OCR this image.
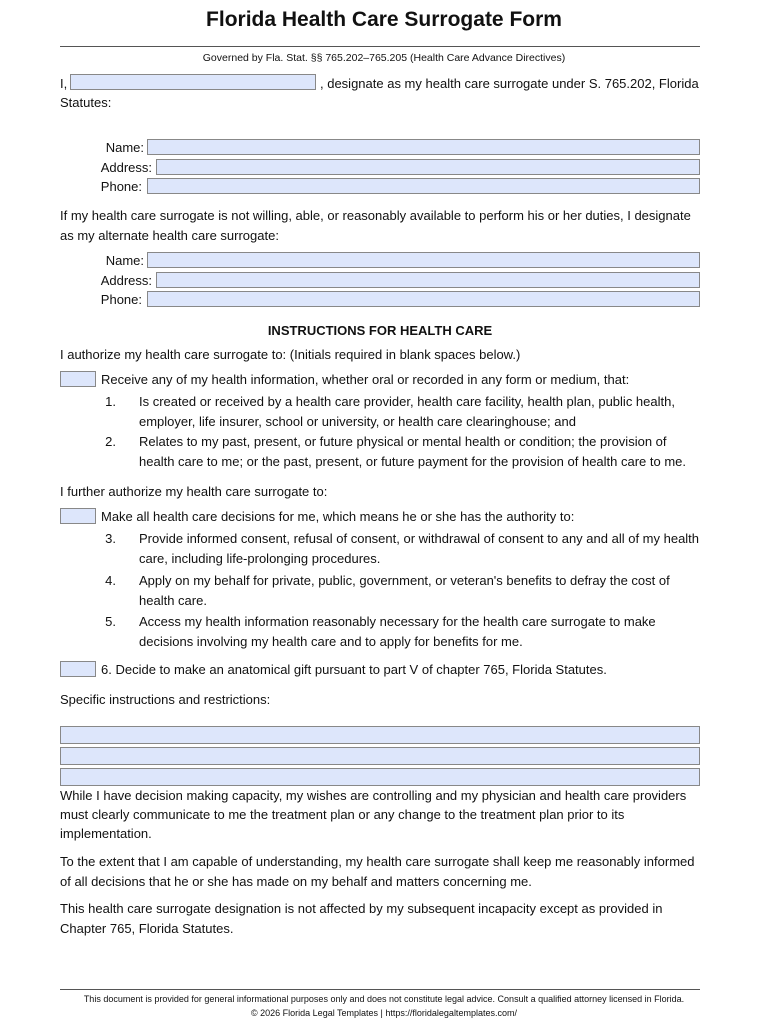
Florida Health Care Surrogate Form
Governed by Fla. Stat. §§ 765.202–765.205 (Health Care Advance Directives)
I,	, designate as my health care surrogate under S. 765.202, Florida
Statutes:
Name:
Address:
Phone:
If my health care surrogate is not willing, able, or reasonably available to perform his or her duties, I designate
as my alternate health care surrogate:
Name:
Address:
Phone:
INSTRUCTIONS FOR HEALTH CARE
I authorize my health care surrogate to: (Initials required in blank spaces below.)
Receive any of my health information, whether oral or recorded in any form or medium, that:
1. Is created or received by a health care provider, health care facility, health plan, public health,
employer, life insurer, school or university, or health care clearinghouse; and
2. Relates to my past, present, or future physical or mental health or condition; the provision of
health care to me; or the past, present, or future payment for the provision of health care to me.
I further authorize my health care surrogate to:
Make all health care decisions for me, which means he or she has the authority to:
3. Provide informed consent, refusal of consent, or withdrawal of consent to any and all of my health
care, including life-prolonging procedures.
4. Apply on my behalf for private, public, government, or veteran's benefits to defray the cost of
health care.
5. Access my health information reasonably necessary for the health care surrogate to make
decisions involving my health care and to apply for benefits for me.
6. Decide to make an anatomical gift pursuant to part V of chapter 765, Florida Statutes.
Specific instructions and restrictions:
While I have decision making capacity, my wishes are controlling and my physician and health care providers
must clearly communicate to me the treatment plan or any change to the treatment plan prior to its
implementation.
To the extent that I am capable of understanding, my health care surrogate shall keep me reasonably informed
of all decisions that he or she has made on my behalf and matters concerning me.
This health care surrogate designation is not affected by my subsequent incapacity except as provided in
Chapter 765, Florida Statutes.
This document is provided for general informational purposes only and does not constitute legal advice. Consult a qualified attorney licensed in Florida.
© 2026 Florida Legal Templates | https://floridalegaltemplates.com/
